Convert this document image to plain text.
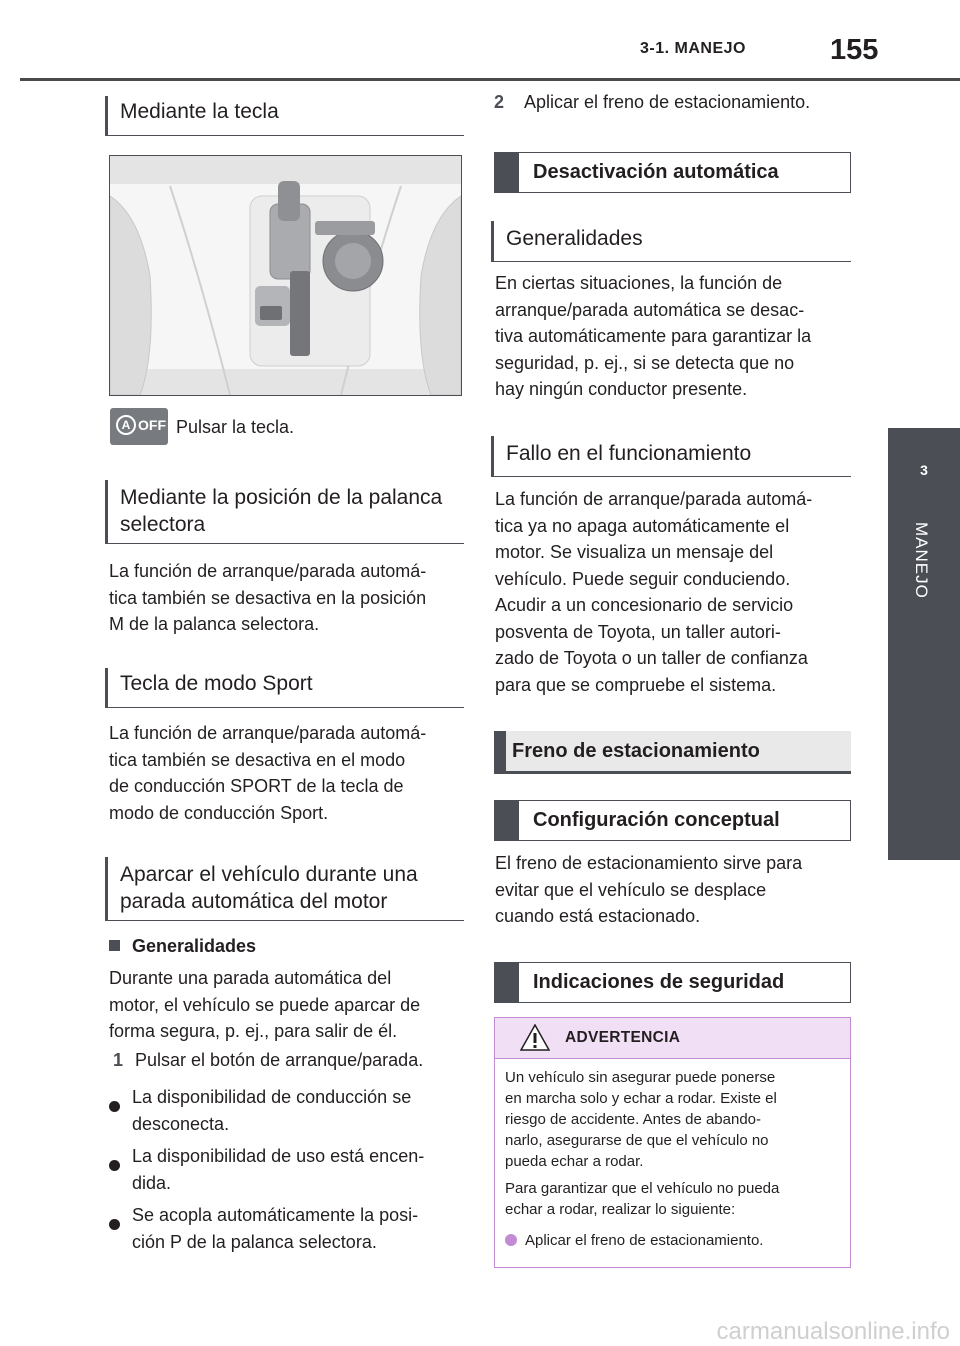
3-1. MANEJO	155
3
MANEJO
Mediante la tecla
A OFF Pulsar la tecla.
Mediante la posición de la palanca selectora
La función de arranque/parada automá-
tica también se desactiva en la posición
M de la palanca selectora.
Tecla de modo Sport
La función de arranque/parada automá-
tica también se desactiva en el modo
de conducción SPORT de la tecla de
modo de conducción Sport.
Aparcar el vehículo durante una parada automática del motor
Generalidades
Durante una parada automática del
motor, el vehículo se puede aparcar de
forma segura, p. ej., para salir de él.
1 Pulsar el botón de arranque/parada.
La disponibilidad de conducción se
desconecta.
La disponibilidad de uso está encen-
dida.
Se acopla automáticamente la posi-
ción P de la palanca selectora.
2 Aplicar el freno de estacionamiento.
Desactivación automática
Generalidades
En ciertas situaciones, la función de
arranque/parada automática se desac-
tiva automáticamente para garantizar la
seguridad, p. ej., si se detecta que no
hay ningún conductor presente.
Fallo en el funcionamiento
La función de arranque/parada automá-
tica ya no apaga automáticamente el
motor. Se visualiza un mensaje del
vehículo. Puede seguir conduciendo.
Acudir a un concesionario de servicio
posventa de Toyota, un taller autori-
zado de Toyota o un taller de confianza
para que se compruebe el sistema.
Freno de estacionamiento
Configuración conceptual
El freno de estacionamiento sirve para
evitar que el vehículo se desplace
cuando está estacionado.
Indicaciones de seguridad
ADVERTENCIA

Un vehículo sin asegurar puede ponerse
en marcha solo y echar a rodar. Existe el
riesgo de accidente. Antes de abando-
narlo, asegurarse de que el vehículo no
pueda echar a rodar.

Para garantizar que el vehículo no pueda
echar a rodar, realizar lo siguiente:

Aplicar el freno de estacionamiento.

carmanualsonline.info
